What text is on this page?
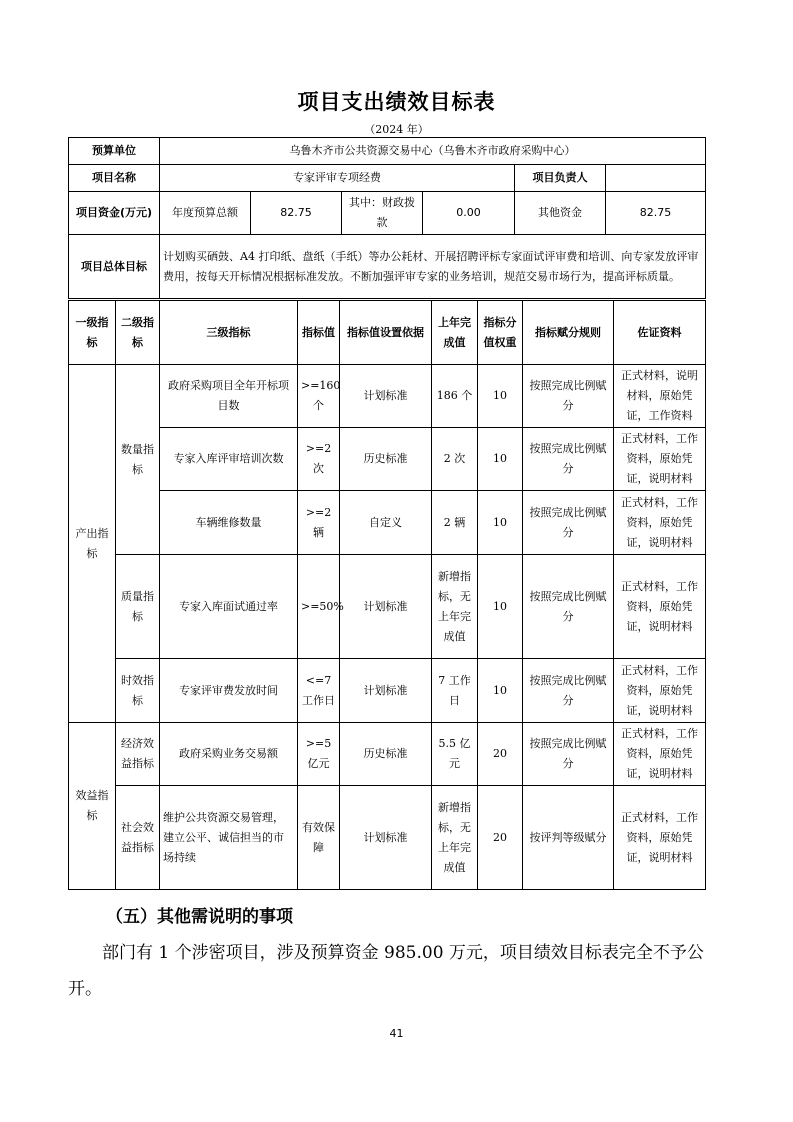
项目支出绩效目标表
（2024 年）
预算单位	乌鲁木齐市公共资源交易中心（乌鲁木齐市政府采购中心）					
项目名称	专家评审专项经费				项目负责人	
项目资金(万元)	年度预算总额	82.75	其中：财政拨款	0.00	其他资金	82.75
项目总体目标	计划购买硒鼓、A4 打印纸、盘纸（手纸）等办公耗材、开展招聘评标专家面试评审费和培训、向专家发放评审费用，按每天开标情况根据标准发放。不断加强评审专家的业务培训，规范交易市场行为，提高评标质量。					
一级指标	二级指标	三级指标	指标值	指标值设置依据	上年完成值	指标分值权重	指标赋分规则	佐证资料
产出指标	数量指标	政府采购项目全年开标项目数	>=160个	计划标准	186 个	10	按照完成比例赋分	正式材料，说明材料，原始凭证，工作资料
		专家入库评审培训次数	>=2次	历史标准	2 次	10	按照完成比例赋分	正式材料，工作资料，原始凭证，说明材料
		车辆维修数量	>=2辆	自定义	2 辆	10	按照完成比例赋分	正式材料，工作资料，原始凭证，说明材料
	质量指标	专家入库面试通过率	>=50%	计划标准	新增指标，无上年完成值	10	按照完成比例赋分	正式材料，工作资料，原始凭证，说明材料
	时效指标	专家评审费发放时间	<=7工作日	计划标准	7 工作日	10	按照完成比例赋分	正式材料，工作资料，原始凭证，说明材料
效益指标	经济效益指标	政府采购业务交易额	>=5亿元	历史标准	5.5 亿元	20	按照完成比例赋分	正式材料，工作资料，原始凭证，说明材料
	社会效益指标	维护公共资源交易管理，建立公平、诚信担当的市场持续	有效保障	计划标准	新增指标，无上年完成值	20	按评判等级赋分	正式材料，工作资料，原始凭证，说明材料
（五）其他需说明的事项
部门有 1 个涉密项目，涉及预算资金 985.00 万元，项目绩效目标表完全不予公开。
41
